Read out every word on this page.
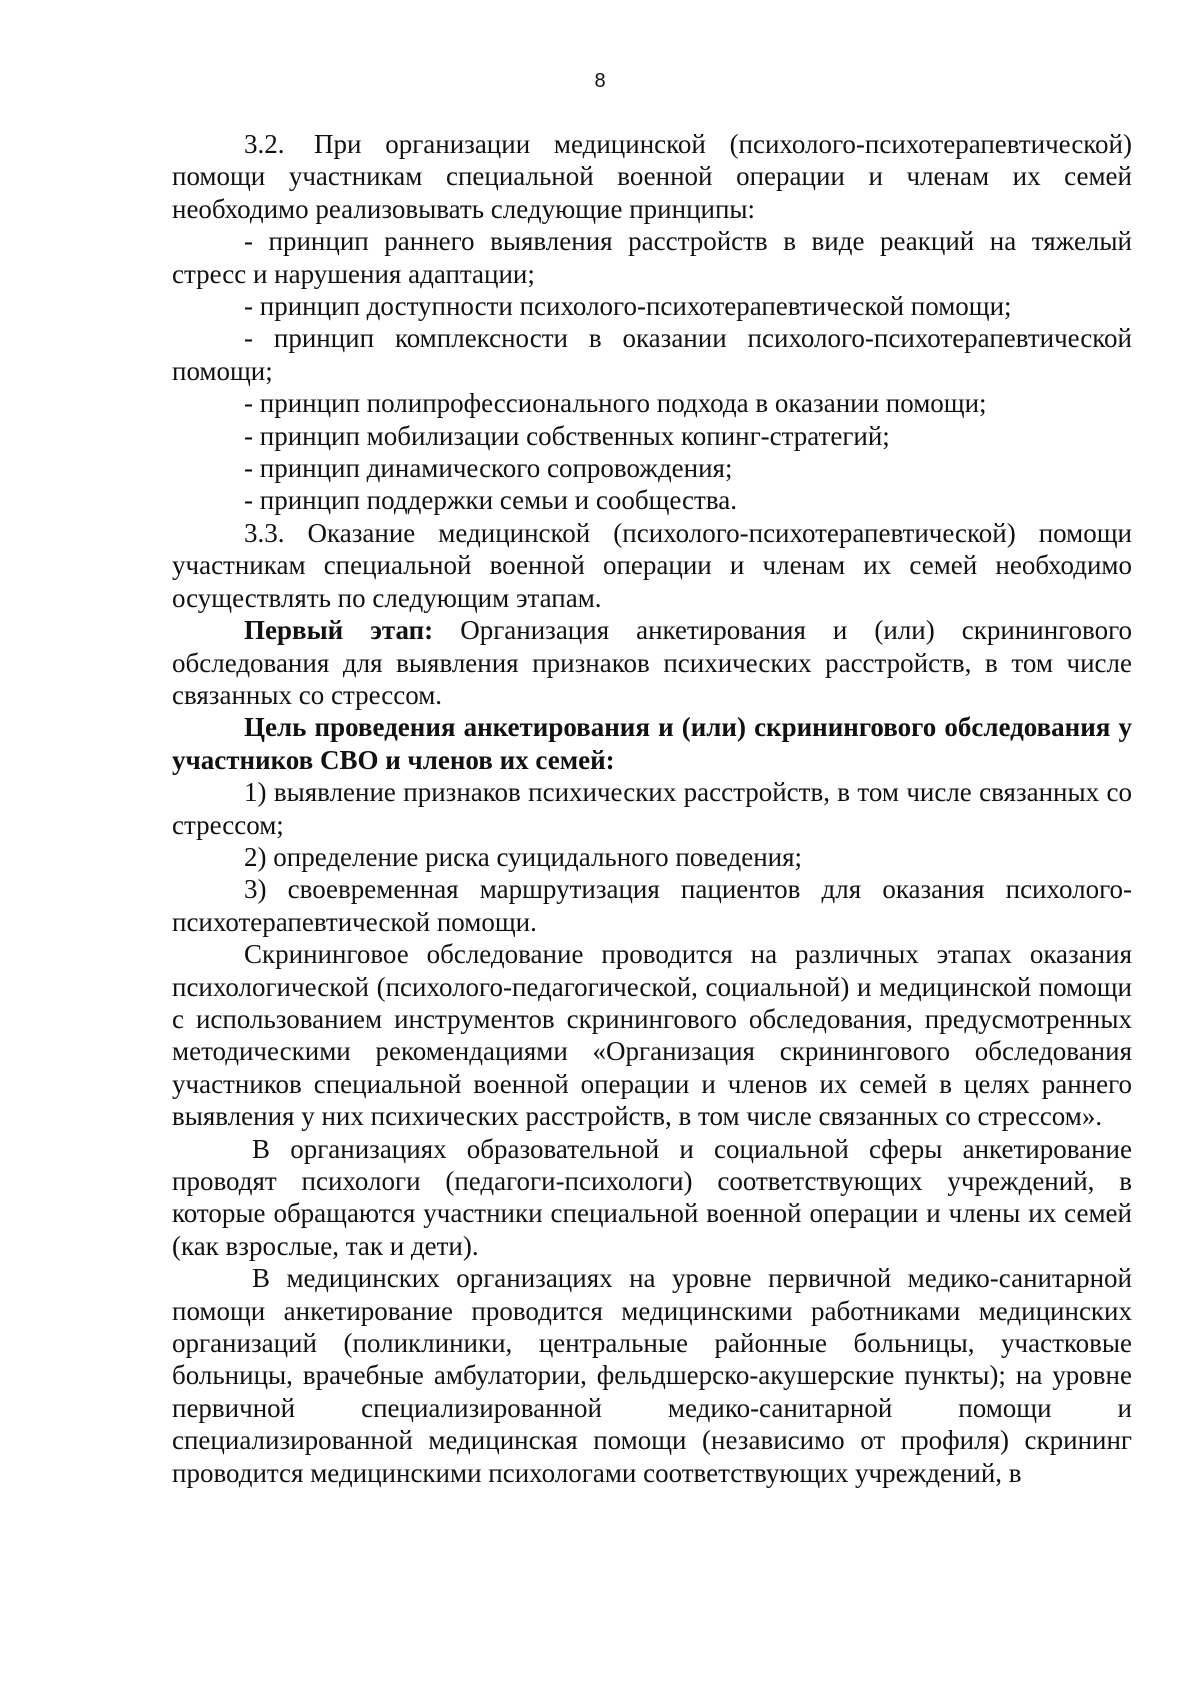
8

3.2. При организации медицинской (психолого-психотерапевтической) помощи участникам специальной военной операции и членам их семей необходимо реализовывать следующие принципы:

- принцип раннего выявления расстройств в виде реакций на тяжелый стресс и нарушения адаптации;

- принцип доступности психолого-психотерапевтической помощи;

- принцип комплексности в оказании психолого-психотерапевтической помощи;

- принцип полипрофессионального подхода в оказании помощи;

- принцип мобилизации собственных копинг-стратегий;

- принцип динамического сопровождения;

- принцип поддержки семьи и сообщества.

3.3. Оказание медицинской (психолого-психотерапевтической) помощи участникам специальной военной операции и членам их семей необходимо осуществлять по следующим этапам.

Первый этап: Организация анкетирования и (или) скринингового обследования для выявления признаков психических расстройств, в том числе связанных со стрессом.

Цель проведения анкетирования и (или) скринингового обследования у участников СВО и членов их семей:

1) выявление признаков психических расстройств, в том числе связанных со стрессом;

2) определение риска суицидального поведения;

3) своевременная маршрутизация пациентов для оказания психолого-психотерапевтической помощи.

Скрининговое обследование проводится на различных этапах оказания психологической (психолого-педагогической, социальной) и медицинской помощи с использованием инструментов скринингового обследования, предусмотренных методическими рекомендациями «Организация скринингового обследования участников специальной военной операции и членов их семей в целях раннего выявления у них психических расстройств, в том числе связанных со стрессом».

В организациях образовательной и социальной сферы анкетирование проводят психологи (педагоги-психологи) соответствующих учреждений, в которые обращаются участники специальной военной операции и члены их семей (как взрослые, так и дети).

В медицинских организациях на уровне первичной медико-санитарной помощи анкетирование проводится медицинскими работниками медицинских организаций (поликлиники, центральные районные больницы, участковые больницы, врачебные амбулатории, фельдшерско-акушерские пункты); на уровне первичной специализированной медико-санитарной помощи и специализированной медицинская помощи (независимо от профиля) скрининг проводится медицинскими психологами соответствующих учреждений, в
